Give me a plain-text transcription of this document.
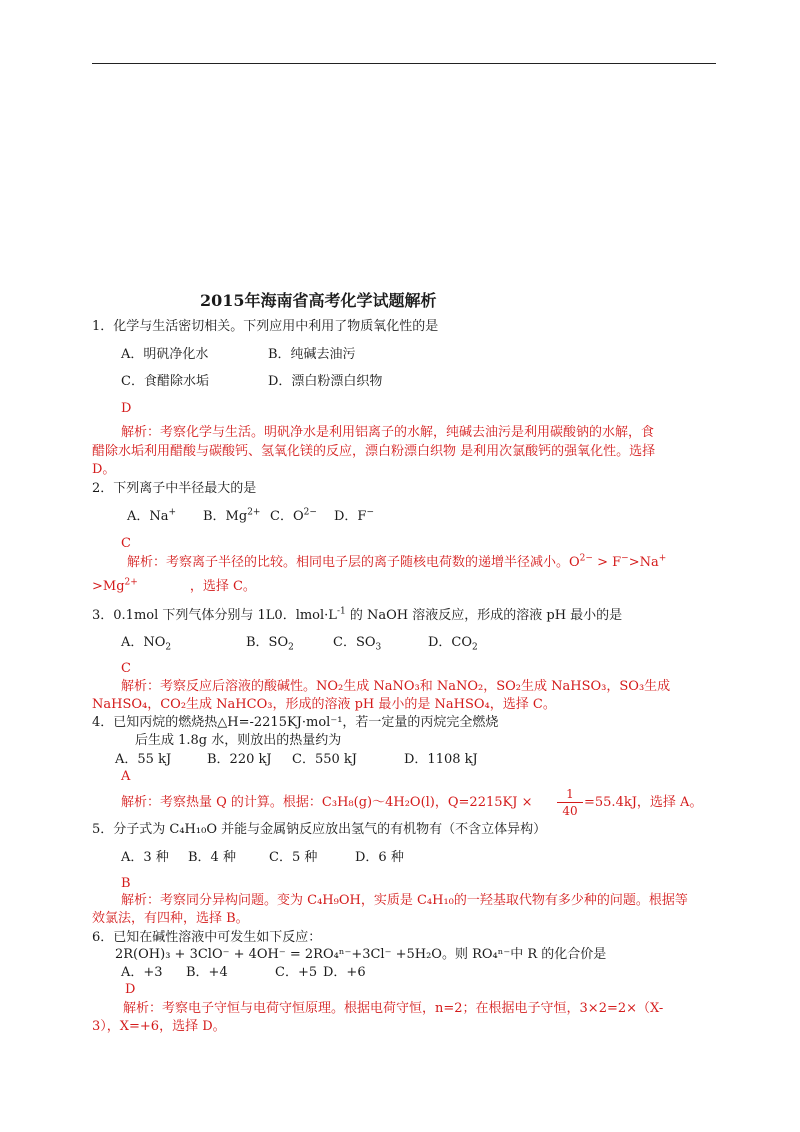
2015年海南省高考化学试题解析
1．化学与生活密切相关。下列应用中利用了物质氧化性的是
A．明矾净化水	B．纯碱去油污
C．食醋除水垢	D．漂白粉漂白织物
D
解析：考察化学与生活。明矾净水是利用铝离子的水解，纯碱去油污是利用碳酸钠的水解，食
醋除水垢利用醋酸与碳酸钙、氢氧化镁的反应，漂白粉漂白织物 是利用次氯酸钙的强氧化性。选择
D。
2．下列离子中半径最大的是
A．Na+ B．$Mg^{2+}$ C．$O^{2-}$ D．F−
C
解析：考察离子半径的比较。相同电子层的离子随核电荷数的递增半径减小。$O^{2-} > F^->Na^+$
$>Mg^{2+}$	，选择 C。
3．0.1mol 下列气体分别与 1L0．$lmol\cdot L^{-1}$ 的 NaOH 溶液反应，形成的溶液 pH 最小的是
A．$NO_2$	B．$SO_2$	C．$SO_3$	D．$CO_2$
C
解析：考察反应后溶液的酸碱性。NO₂生成 NaNO₃和 NaNO₂，SO₂生成 NaHSO₃，SO₃生成
NaHSO₄，CO₂生成 NaHCO₃，形成的溶液 pH 最小的是 NaHSO₄，选择 C。
4．已知丙烷的燃烧热△H=-2215KJ·mol⁻¹，若一定量的丙烷完全燃烧
后生成 1.8g 水，则放出的热量约为
A．55 kJ	B．220 kJ C．550 kJ	D．1108 kJ
A
解析：考察热量 Q 的计算。根据：C₃H₈(g)～4H₂O(l)，Q=2215KJ ×
1
40
=55.4kJ，选择 A。
5．分子式为 C₄H₁₀O 并能与金属钠反应放出氢气的有机物有（不含立体异构）
A．3 种 B．4 种	C．5 种	D．6 种
B
解析：考察同分异构问题。变为 C₄H₉OH，实质是 C₄H₁₀的一羟基取代物有多少种的问题。根据等
效氯法，有四种，选择 B。
6．已知在碱性溶液中可发生如下反应：
2R(OH)₃ + 3ClO⁻ + 4OH⁻ = 2RO₄ⁿ⁻+3Cl⁻ +5H₂O。则 RO₄ⁿ⁻中 R 的化合价是
A．+3 B．+4	C．+5 D．+6
D
解析：考察电子守恒与电荷守恒原理。根据电荷守恒，n=2；在根据电子守恒，3×2=2×（X-
3），X=+6，选择 D。
